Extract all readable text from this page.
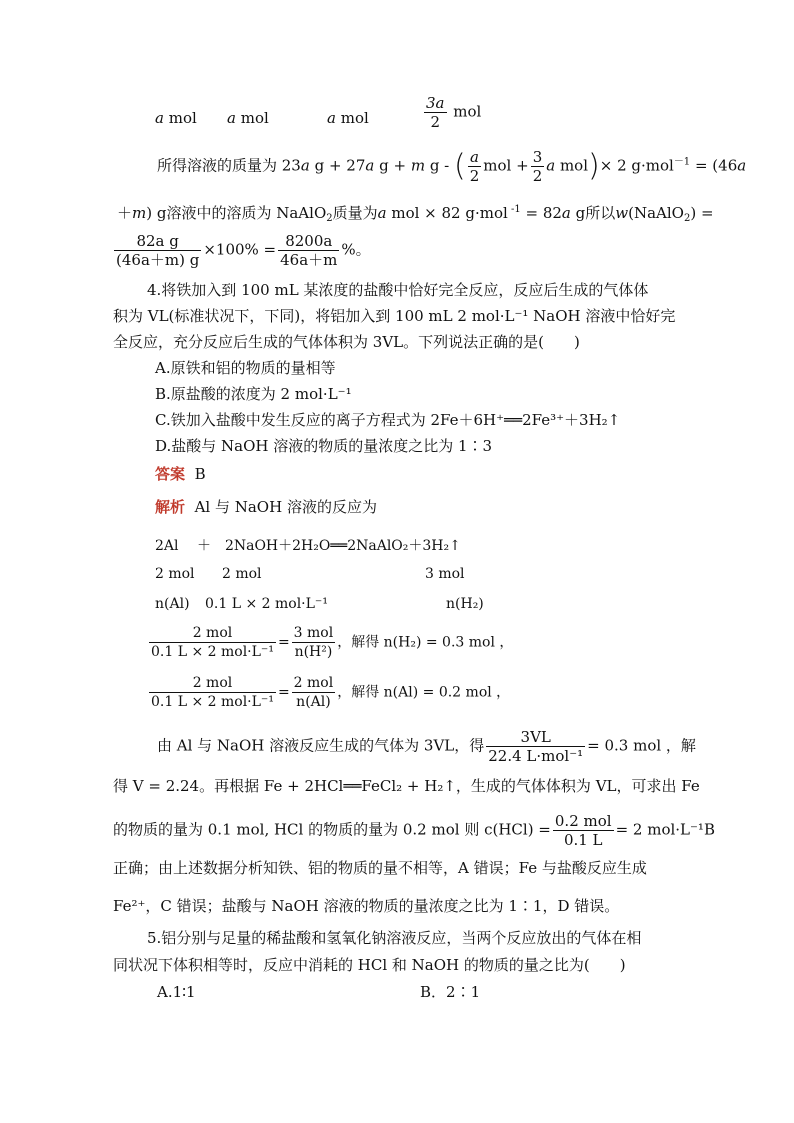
a mol a mol	a mol	$\frac{3a}{2}$ mol
所得溶液的质量为 23a g + 27a g + m g - ( $\frac{a}{2}$ mol + $\frac{3}{2}$ a mol)× 2 g·mol$^{-1}$ = (46a
＋m) g溶液中的溶质为 NaAlO$_2$质量为a mol × 82 g·mol $^{-1}$ = 82a g所以w(NaAlO$_2$) =
$\frac{\text{82a g}}{(46a+m) g} \times 100\% = \frac{8200a}{46a+m}$ %。
4.将铁加入到 100 mL 某浓度的盐酸中恰好完全反应，反应后生成的气体体
积为 VL(标准状况下，下同)，将铝加入到 100 mL 2 mol·L⁻¹ NaOH 溶液中恰好完
全反应，充分反应后生成的气体体积为 3VL。下列说法正确的是(　　)
A.原铁和铝的物质的量相等
B.原盐酸的浓度为 2 mol·L⁻¹
C.铁加入盐酸中发生反应的离子方程式为 2Fe＋6H⁺══2Fe³⁺＋3H₂↑
D.盐酸与 NaOH 溶液的物质的量浓度之比为 1∶3
答案 B
解析 Al 与 NaOH 溶液的反应为
2Al　 ＋　2NaOH＋2H₂O══2NaAlO₂＋3H₂↑
2 mol 2 mol	3 mol
n(Al) 0.1 L × 2 mol·L⁻¹	n(H₂)
$\frac{\text{2 mol}}{\text{0.1 L × 2 mol·L⁻¹}} = \frac{\text{3 mol}}{\text{n(H²)}}$ ，解得 n(H₂) = 0.3 mol ，
$\frac{\text{2 mol}}{\text{0.1 L × 2 mol·L⁻¹}} = \frac{\text{2 mol}}{n(Al)}$ ，解得 n(Al) = 0.2 mol ，
由 Al 与 NaOH 溶液反应生成的气体为 3VL，得 $\frac{3VL}{\text{22.4 L·mol⁻¹}} = 0.3$ mol ，解
得 V = 2.24。再根据 Fe + 2HCl══FeCl₂ + H₂↑，生成的气体体积为 VL，可求出 Fe
的物质的量为 0.1 mol, HCl 的物质的量为 0.2 mol 则 $c(HCl) = \frac{\text{0.2 mol}}{0.1 L} = 2$ mol·L⁻¹B
正确；由上述数据分析知铁、铝的物质的量不相等，A 错误；Fe 与盐酸反应生成
Fe²⁺，C 错误；盐酸与 NaOH 溶液的物质的量浓度之比为 1∶1，D 错误。
5.铝分别与足量的稀盐酸和氢氧化钠溶液反应，当两个反应放出的气体在相
同状况下体积相等时，反应中消耗的 HCl 和 NaOH 的物质的量之比为(　　)
A.1∶1	B．2∶1
